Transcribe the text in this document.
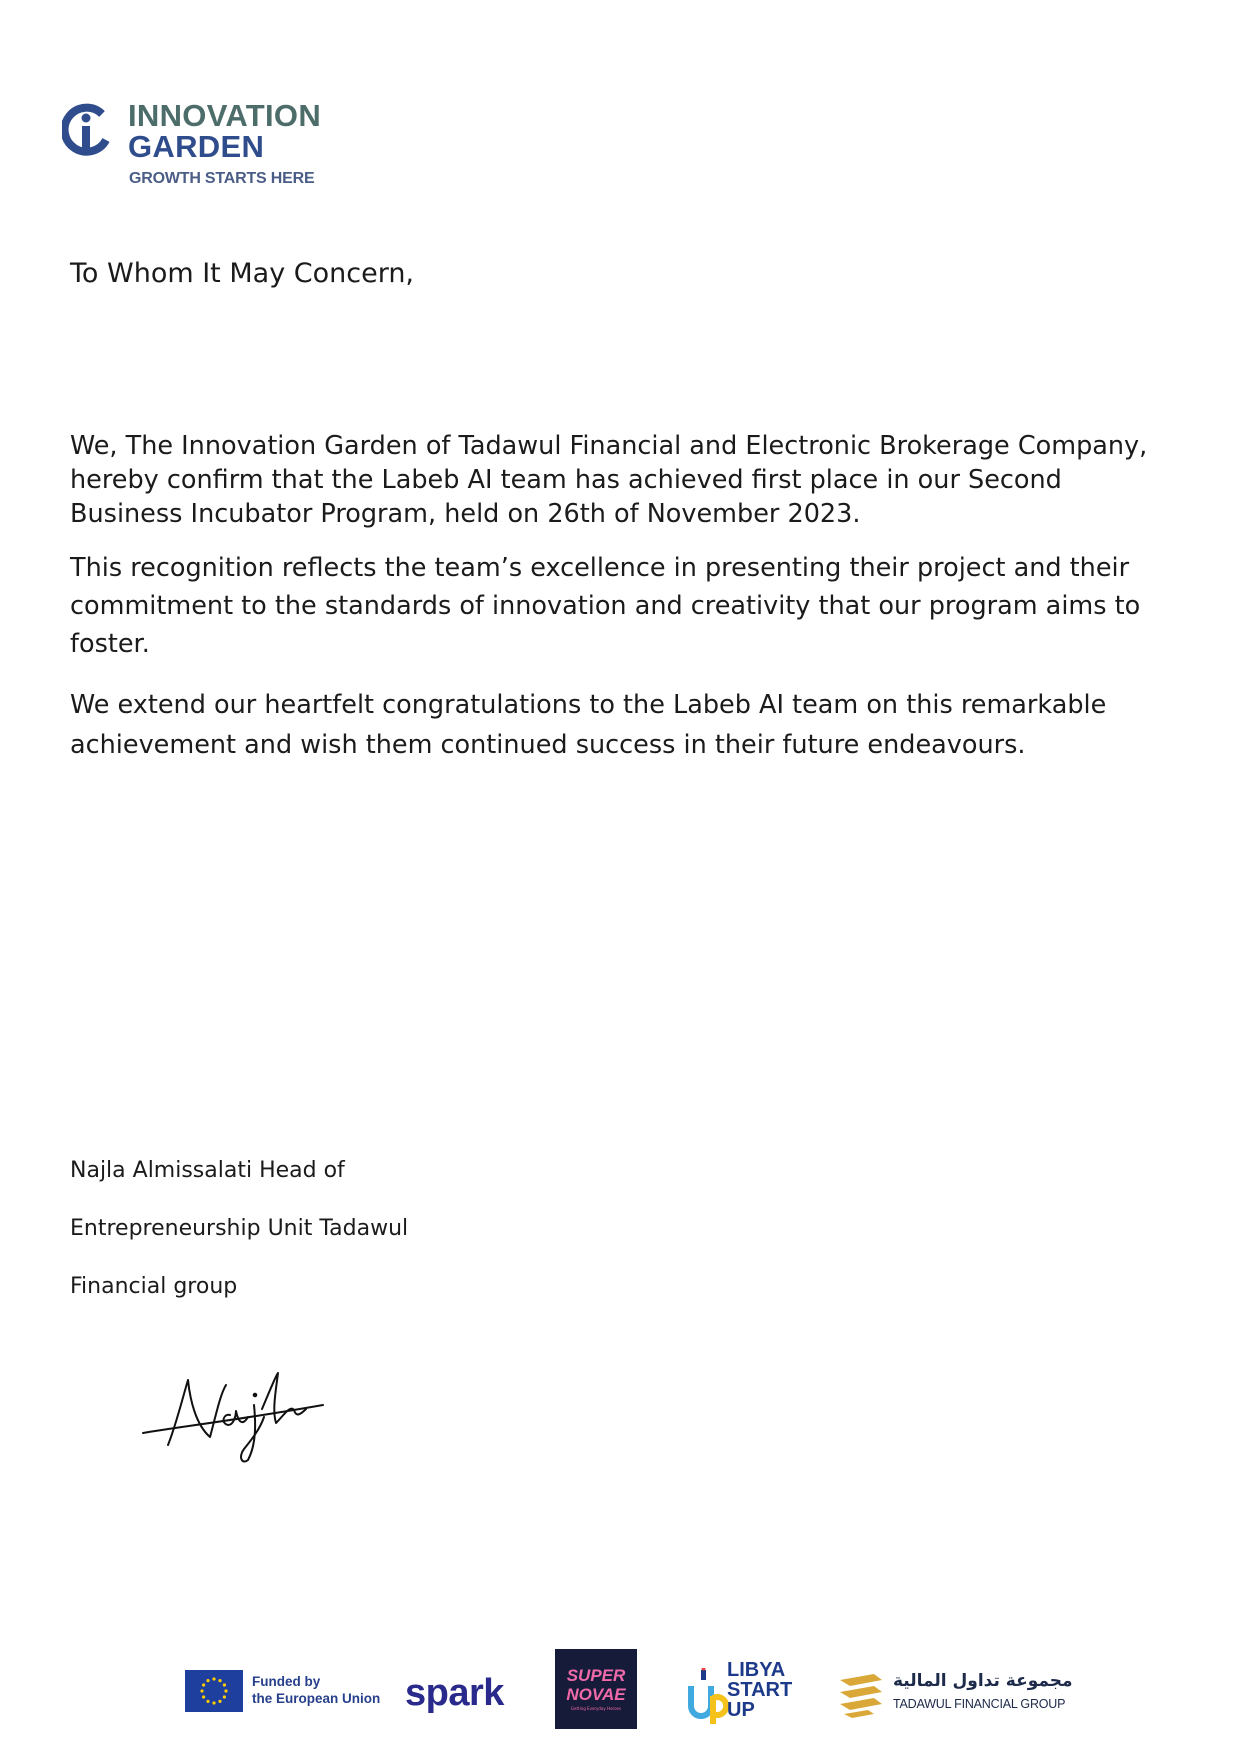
INNOVATION
GARDEN
GROWTH STARTS HERE
To Whom It May Concern,

We, The Innovation Garden of Tadawul Financial and Electronic Brokerage Company, hereby confirm that the Labeb AI team has achieved first place in our Second Business Incubator Program, held on 26th of November 2023.

This recognition reflects the team’s excellence in presenting their project and their commitment to the standards of innovation and creativity that our program aims to foster.

We extend our heartfelt congratulations to the Labeb AI team on this remarkable achievement and wish them continued success in their future endeavours.

Najla Almissalati Head of
Entrepreneurship Unit Tadawul
Financial group
Funded by
the European Union spark	SUPER
NOVAE
Getting Everyday Heroes
LIBYA
START
UP
مجموعة تداول المالية
TADAWUL FINANCIAL GROUP
